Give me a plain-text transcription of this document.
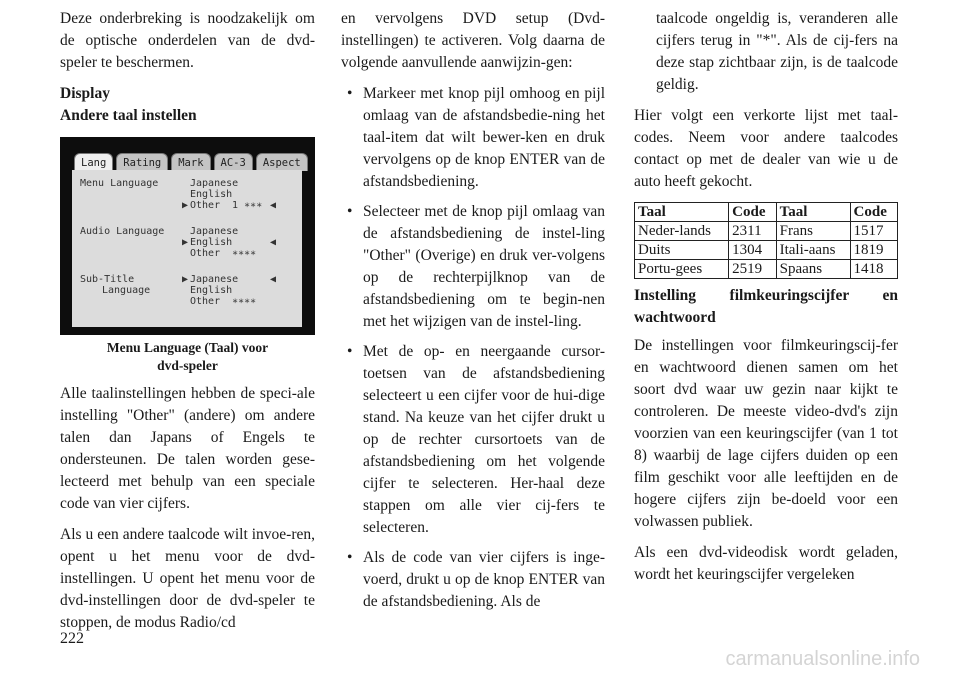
Deze onderbreking is noodzakelijk om de optische onderdelen van de dvd-speler te beschermen.

Display
Andere taal instellen
Lang	Rating	Mark	AC-3	Aspect
Menu Language	Japanese
English
▶ Other 1 ∗∗∗ ◀
Audio Language	Japanese
▶ English	◀
Other ∗∗∗∗
Sub-Title
Language
▶ Japanese	◀
English
Other ∗∗∗∗
Menu Language (Taal) voor
dvd-speler

Alle taalinstellingen hebben de speci-ale instelling "Other" (andere) om andere talen dan Japans of Engels te ondersteunen. De talen worden gese-lecteerd met behulp van een speciale code van vier cijfers.

Als u een andere taalcode wilt invoe-ren, opent u het menu voor de dvd-instellingen. U opent het menu voor de dvd-instellingen door de dvd-speler te stoppen, de modus Radio/cd

en vervolgens DVD setup (Dvd-instellingen) te activeren. Volg daarna de volgende aanvullende aanwijzin-gen:

• Markeer met knop pijl omhoog en pijl omlaag van de afstandsbedie-ning het taal-item dat wilt bewer-ken en druk vervolgens op de knop ENTER van de afstandsbediening.
• Selecteer met de knop pijl omlaag van de afstandsbediening de instel-ling "Other" (Overige) en druk ver-volgens op de rechterpijlknop van de afstandsbediening om te begin-nen met het wijzigen van de instel-ling.
• Met de op- en neergaande cursor-toetsen van de afstandsbediening selecteert u een cijfer voor de hui-dige stand. Na keuze van het cijfer drukt u op de rechter cursortoets van de afstandsbediening om het volgende cijfer te selecteren. Her-haal deze stappen om alle vier cij-fers te selecteren.
• Als de code van vier cijfers is inge-voerd, drukt u op de knop ENTER van de afstandsbediening. Als de

taalcode ongeldig is, veranderen alle cijfers terug in "*". Als de cij-fers na deze stap zichtbaar zijn, is de taalcode geldig.

Hier volgt een verkorte lijst met taal-codes. Neem voor andere taalcodes contact op met de dealer van wie u de auto heeft gekocht.

Taal	Code	Taal	Code
Neder-lands	2311	Frans	1517
Duits	1304	Itali-aans	1819
Portu-gees	2519	Spaans	1418
Instelling filmkeuringscijfer en wachtwoord

De instellingen voor filmkeuringscij-fer en wachtwoord dienen samen om het soort dvd waar uw gezin naar kijkt te controleren. De meeste video-dvd's zijn voorzien van een keuringscijfer (van 1 tot 8) waarbij de lage cijfers duiden op een film geschikt voor alle leeftijden en de hogere cijfers zijn be-doeld voor een volwassen publiek.

Als een dvd-videodisk wordt geladen, wordt het keuringscijfer vergeleken

222
carmanualsonline.info
